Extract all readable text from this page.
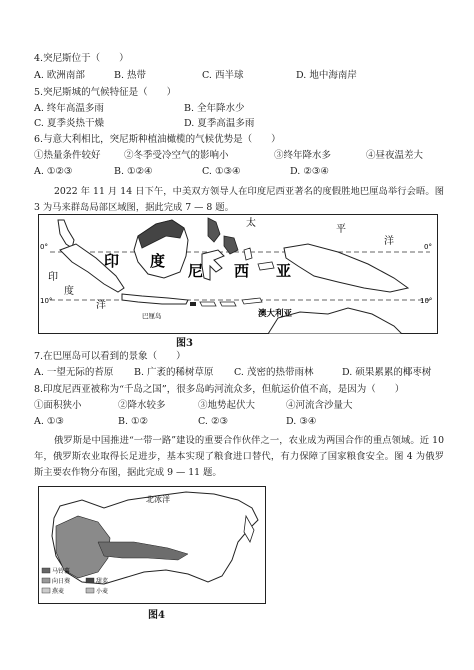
4.突尼斯位于（　　）
A. 欧洲南部	B. 热带	C. 西半球	D. 地中海南岸
5.突尼斯城的气候特征是（　　）
A. 终年高温多雨	B. 全年降水少
C. 夏季炎热干燥	D. 夏季高温多雨
6.与意大利相比，突尼斯种植油橄榄的气候优势是（　　）
①热量条件较好 ②冬季受冷空气的影响小	③终年降水多	④昼夜温差大
A. ①②③	B. ①②④	C. ①③④	D. ②③④
2022 年 11 月 14 日下午，中美双方领导人在印度尼西亚著名的度假胜地巴厘岛举行会晤。图 3 为马来群岛局部区域图，据此完成 7 — 8 题。
太
平
洋
印
度
洋
印 度
尼 西 亚
巴厘岛	澳大利亚
0°	0°
10°	10°
图3
7.在巴厘岛可以看到的景象（　　）
A. 一望无际的苔原 B. 广袤的稀树草原 C. 茂密的热带雨林	D. 硕果累累的椰枣树
8.印度尼西亚被称为“千岛之国”，很多岛屿河流众多，但航运价值不高，是因为（　　）
①面积狭小	②降水较多	③地势起伏大	④河流含沙量大
A. ①③	B. ①②	C. ②③	D. ③④
俄罗斯是中国推进“一带一路”建设的重要合作伙伴之一，农业成为两国合作的重点领域。近 10 年，俄罗斯农业取得长足进步，基本实现了粮食进口替代，有力保障了国家粮食安全。图 4 为俄罗斯主要农作物分布图，据此完成 9 — 11 题。
北冰洋
马铃薯
向日葵	甜菜
燕麦	小麦
图4
